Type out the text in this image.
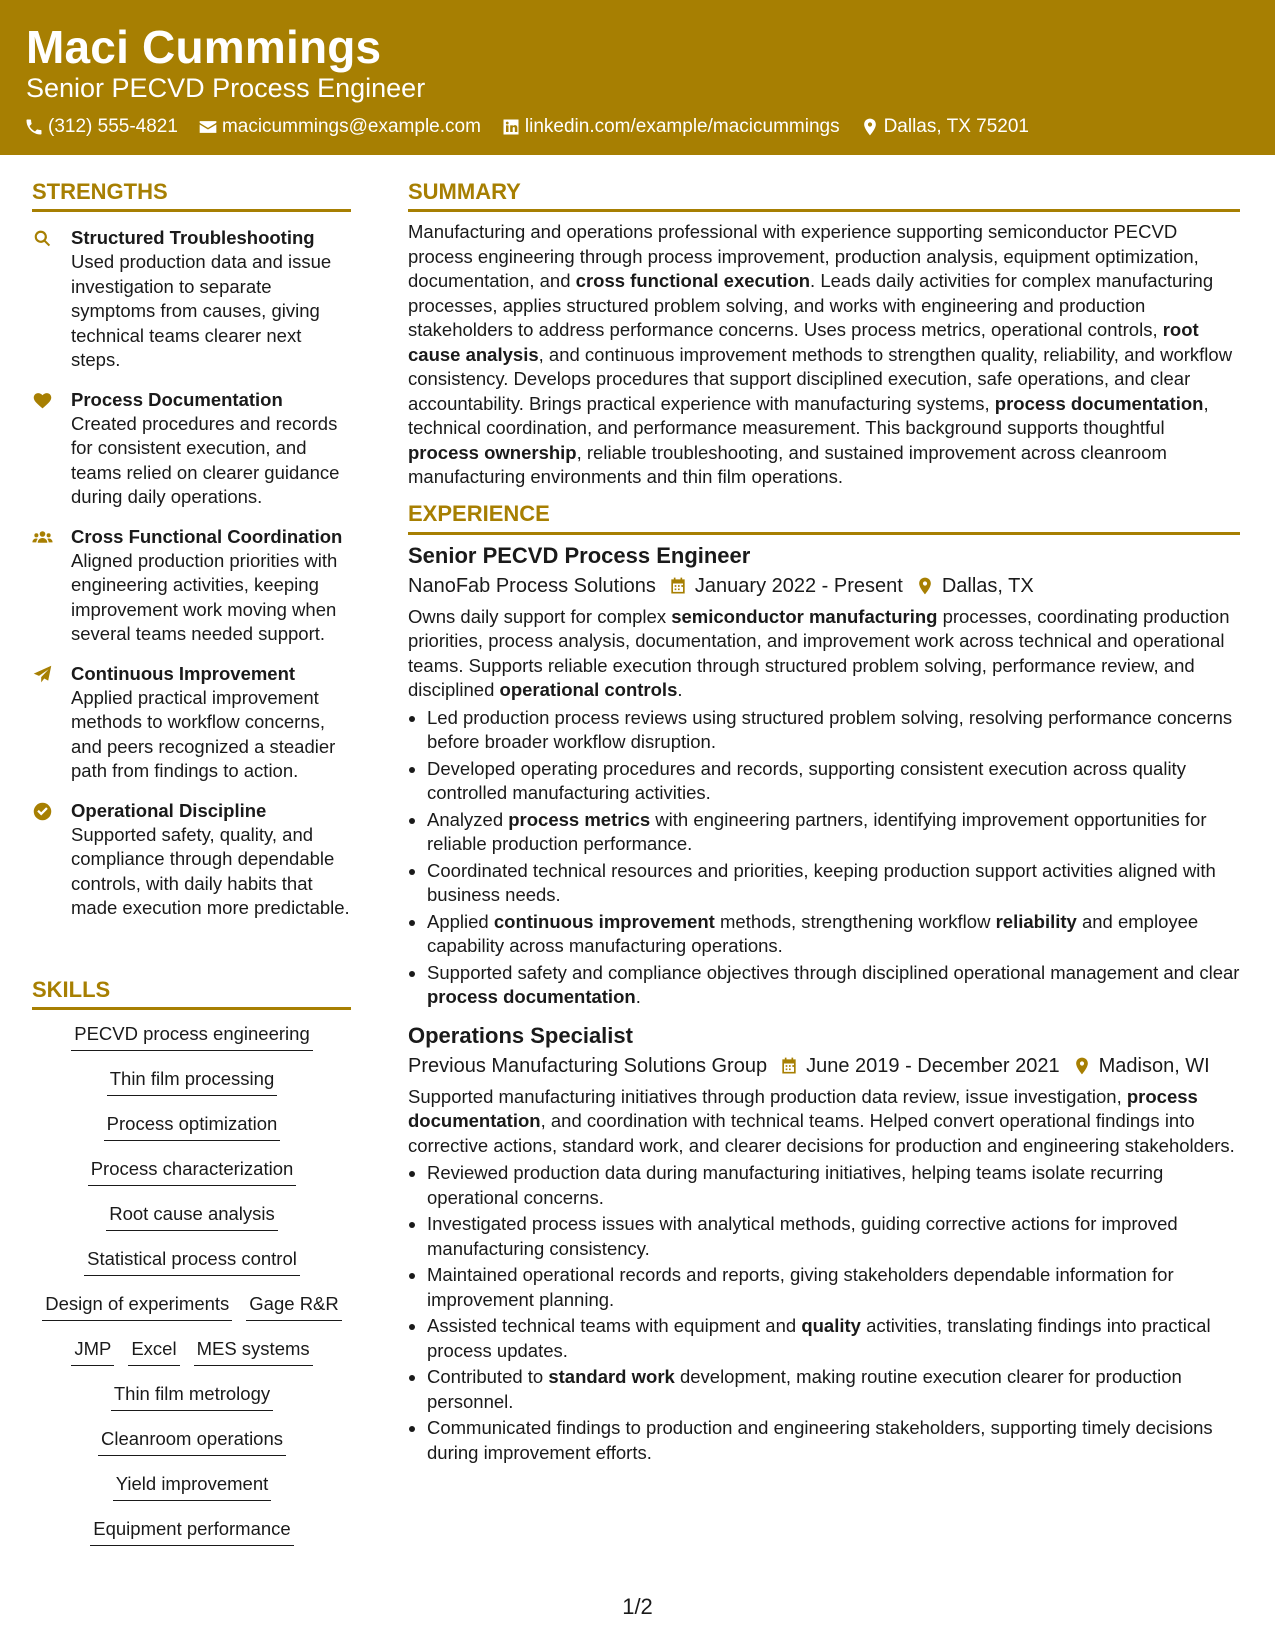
Maci Cummings
Senior PECVD Process Engineer
(312) 555-4821 macicummings@example.com linkedin.com/example/macicummings Dallas, TX 75201
STRENGTHS
Structured Troubleshooting
Used production data and issue investigation to separate symptoms from causes, giving technical teams clearer next steps.
Process Documentation
Created procedures and records for consistent execution, and teams relied on clearer guidance during daily operations.
Cross Functional Coordination
Aligned production priorities with engineering activities, keeping improvement work moving when several teams needed support.
Continuous Improvement
Applied practical improvement methods to workflow concerns, and peers recognized a steadier path from findings to action.
Operational Discipline
Supported safety, quality, and compliance through dependable controls, with daily habits that made execution more predictable.
SKILLS
PECVD process engineering
Thin film processing
Process optimization
Process characterization
Root cause analysis
Statistical process control
Design of experiments Gage R&R
JMP Excel MES systems
Thin film metrology
Cleanroom operations
Yield improvement
Equipment performance
SUMMARY

Manufacturing and operations professional with experience supporting semiconductor PECVD process engineering through process improvement, production analysis, equipment optimization, documentation, and cross functional execution. Leads daily activities for complex manufacturing processes, applies structured problem solving, and works with engineering and production stakeholders to address performance concerns. Uses process metrics, operational controls, root cause analysis, and continuous improvement methods to strengthen quality, reliability, and workflow consistency. Develops procedures that support disciplined execution, safe operations, and clear accountability. Brings practical experience with manufacturing systems, process documentation, technical coordination, and performance measurement. This background supports thoughtful process ownership, reliable troubleshooting, and sustained improvement across cleanroom manufacturing environments and thin film operations.

EXPERIENCE
Senior PECVD Process Engineer
NanoFab Process Solutions January 2022 - Present Dallas, TX

Owns daily support for complex semiconductor manufacturing processes, coordinating production priorities, process analysis, documentation, and improvement work across technical and operational teams. Supports reliable execution through structured problem solving, performance review, and disciplined operational controls.

• Led production process reviews using structured problem solving, resolving performance concerns before broader workflow disruption.
• Developed operating procedures and records, supporting consistent execution across quality controlled manufacturing activities.
• Analyzed process metrics with engineering partners, identifying improvement opportunities for reliable production performance.
• Coordinated technical resources and priorities, keeping production support activities aligned with business needs.
• Applied continuous improvement methods, strengthening workflow reliability and employee capability across manufacturing operations.
• Supported safety and compliance objectives through disciplined operational management and clear process documentation.
Operations Specialist
Previous Manufacturing Solutions Group June 2019 - December 2021 Madison, WI

Supported manufacturing initiatives through production data review, issue investigation, process documentation, and coordination with technical teams. Helped convert operational findings into corrective actions, standard work, and clearer decisions for production and engineering stakeholders.

• Reviewed production data during manufacturing initiatives, helping teams isolate recurring operational concerns.
• Investigated process issues with analytical methods, guiding corrective actions for improved manufacturing consistency.
• Maintained operational records and reports, giving stakeholders dependable information for improvement planning.
• Assisted technical teams with equipment and quality activities, translating findings into practical process updates.
• Contributed to standard work development, making routine execution clearer for production personnel.
• Communicated findings to production and engineering stakeholders, supporting timely decisions during improvement efforts.
1/2
